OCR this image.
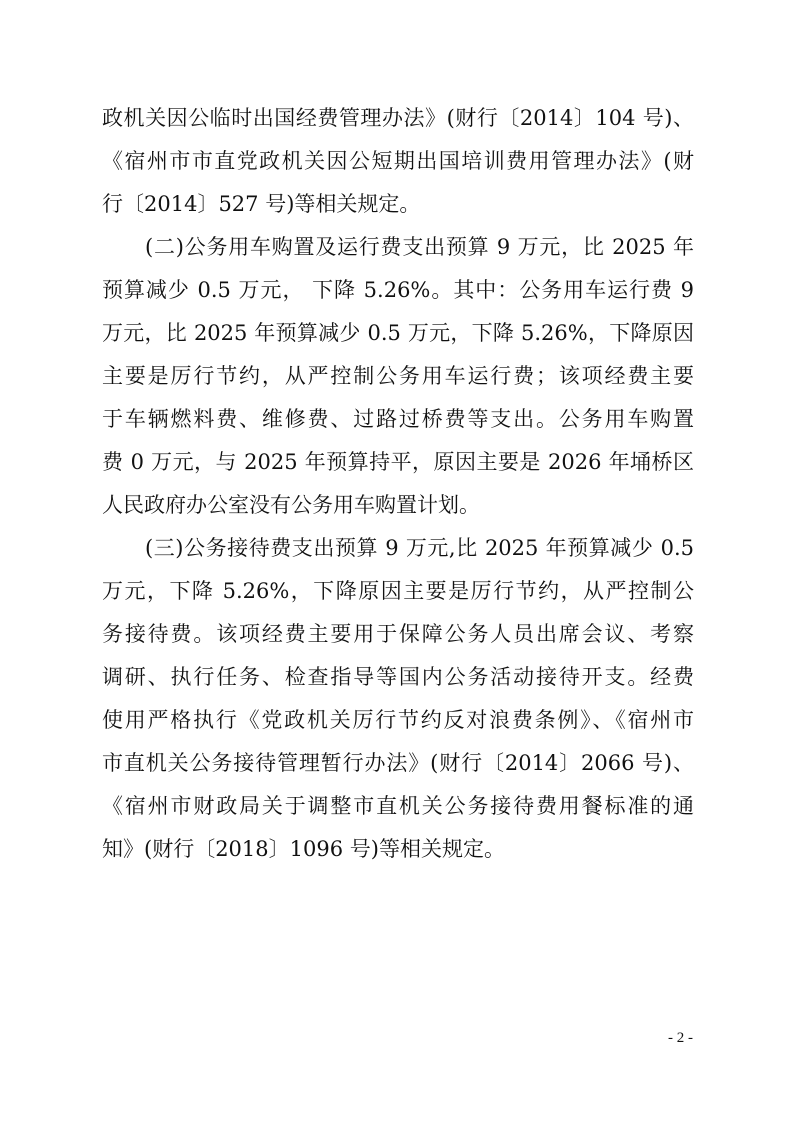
政机关因公临时出国经费管理办法》(财行〔2014〕104 号)、
《宿州市市直党政机关因公短期出国培训费用管理办法》(财
行〔2014〕527 号)等相关规定。
(二)公务用车购置及运行费支出预算 9 万元，比 2025 年
预算减少 0.5 万元， 下降 5.26%。其中：公务用车运行费 9
万元，比 2025 年预算减少 0.5 万元，下降 5.26%，下降原因
主要是厉行节约，从严控制公务用车运行费；该项经费主要
于车辆燃料费、维修费、过路过桥费等支出。公务用车购置
费 0 万元，与 2025 年预算持平，原因主要是 2026 年埇桥区
人民政府办公室没有公务用车购置计划。
(三)公务接待费支出预算 9 万元,比 2025 年预算减少 0.5
万元，下降 5.26%，下降原因主要是厉行节约，从严控制公
务接待费。该项经费主要用于保障公务人员出席会议、考察
调研、执行任务、检查指导等国内公务活动接待开支。经费
使用严格执行《党政机关厉行节约反对浪费条例》、《宿州市
市直机关公务接待管理暂行办法》(财行〔2014〕2066 号)、
《宿州市财政局关于调整市直机关公务接待费用餐标准的通
知》(财行〔2018〕1096 号)等相关规定。
- 2 -
